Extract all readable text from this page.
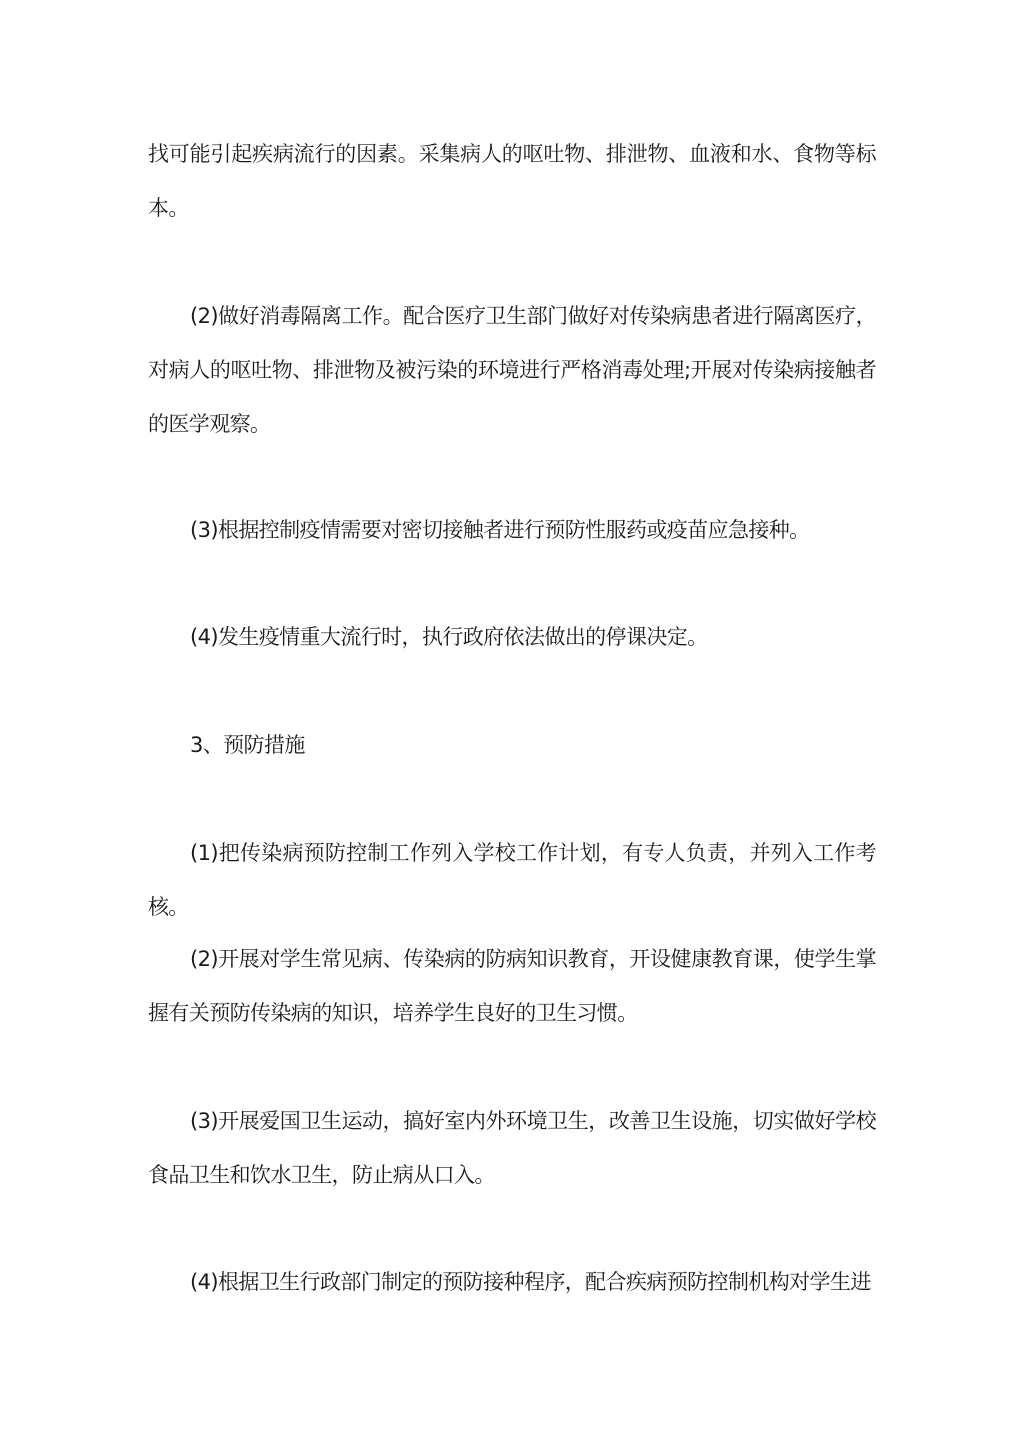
找可能引起疾病流行的因素。采集病人的呕吐物、排泄物、血液和水、食物等标本。

(2)做好消毒隔离工作。配合医疗卫生部门做好对传染病患者进行隔离医疗，对病人的呕吐物、排泄物及被污染的环境进行严格消毒处理;开展对传染病接触者的医学观察。

(3)根据控制疫情需要对密切接触者进行预防性服药或疫苗应急接种。

(4)发生疫情重大流行时，执行政府依法做出的停课决定。

3、预防措施

(1)把传染病预防控制工作列入学校工作计划，有专人负责，并列入工作考核。

(2)开展对学生常见病、传染病的防病知识教育，开设健康教育课，使学生掌握有关预防传染病的知识，培养学生良好的卫生习惯。

(3)开展爱国卫生运动，搞好室内外环境卫生，改善卫生设施，切实做好学校食品卫生和饮水卫生，防止病从口入。

(4)根据卫生行政部门制定的预防接种程序，配合疾病预防控制机构对学生进
